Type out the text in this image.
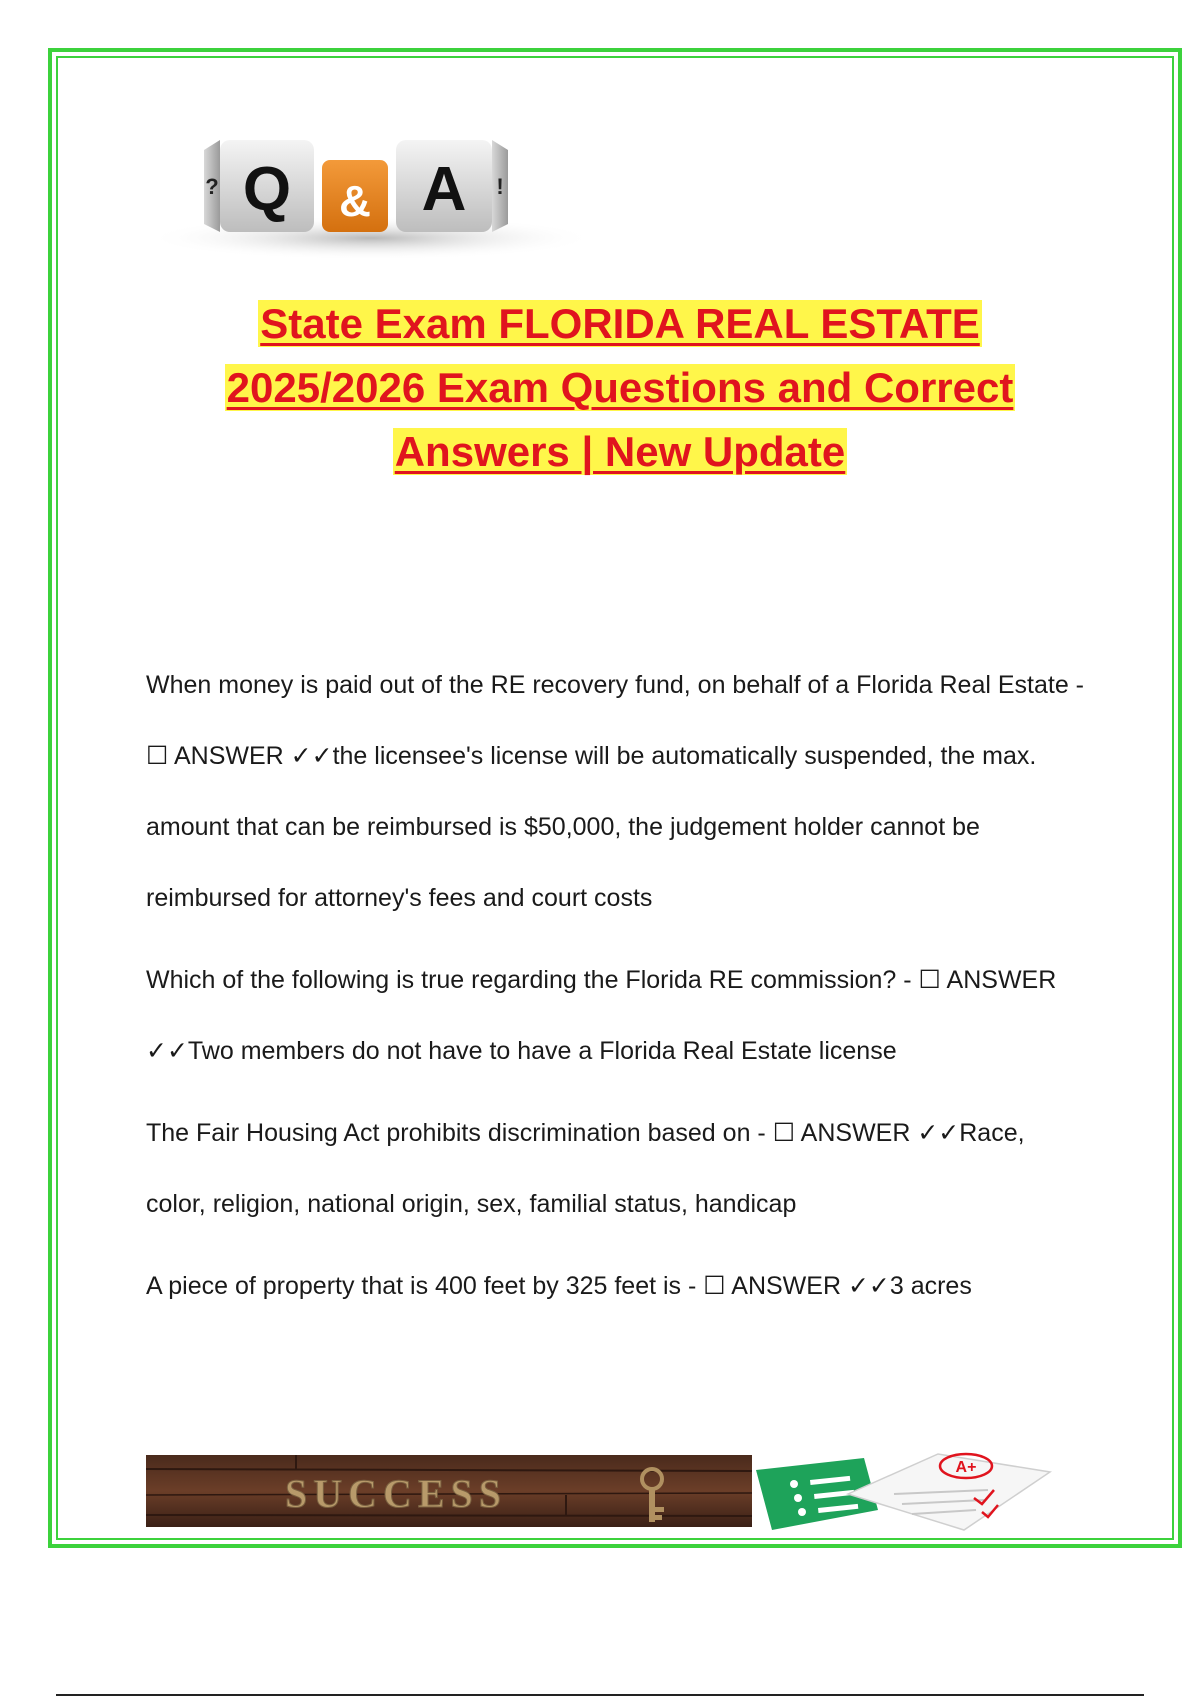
? Q & A !
State Exam FLORIDA REAL ESTATE
2025/2026 Exam Questions and Correct
Answers | New Update

When money is paid out of the RE recovery fund, on behalf of a Florida Real Estate - ☐ ANSWER ✓✓the licensee's license will be automatically suspended, the max. amount that can be reimbursed is $50,000, the judgement holder cannot be reimbursed for attorney's fees and court costs

Which of the following is true regarding the Florida RE commission? - ☐ ANSWER ✓✓Two members do not have to have a Florida Real Estate license

The Fair Housing Act prohibits discrimination based on - ☐ ANSWER ✓✓Race, color, religion, national origin, sex, familial status, handicap

A piece of property that is 400 feet by 325 feet is - ☐ ANSWER ✓✓3 acres

SUCCESS
A+
